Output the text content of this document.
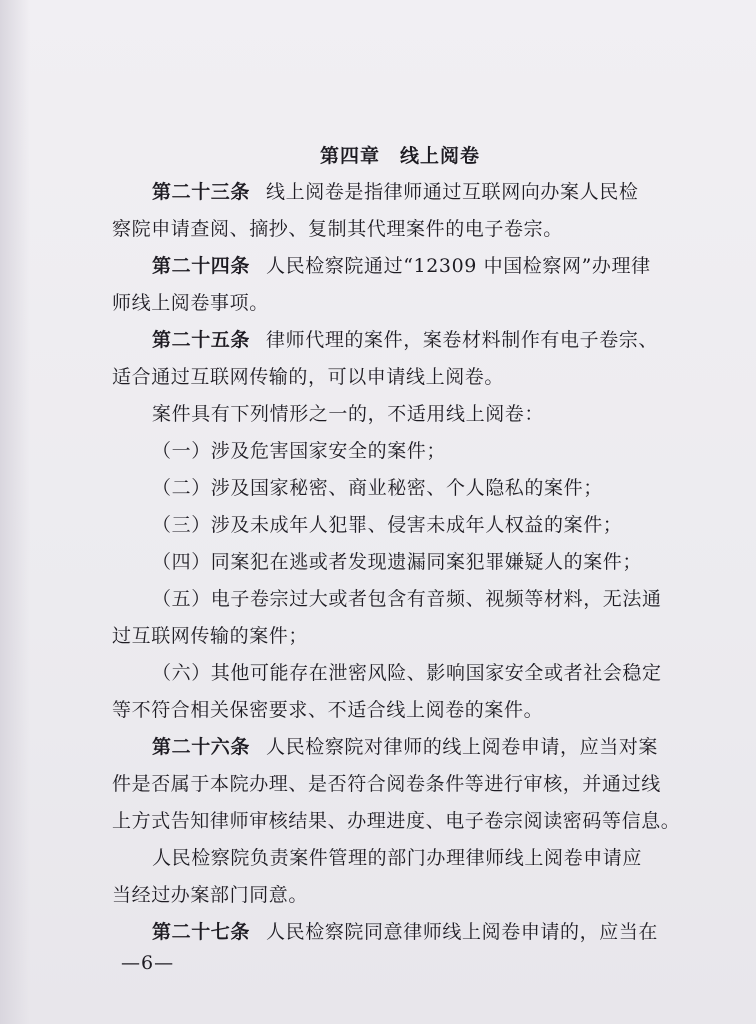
第四章　线上阅卷
第二十三条 线上阅卷是指律师通过互联网向办案人民检
察院申请查阅、摘抄、复制其代理案件的电子卷宗。
第二十四条 人民检察院通过“12309 中国检察网”办理律
师线上阅卷事项。
第二十五条 律师代理的案件，案卷材料制作有电子卷宗、
适合通过互联网传输的，可以申请线上阅卷。
案件具有下列情形之一的，不适用线上阅卷：
（一）涉及危害国家安全的案件；
（二）涉及国家秘密、商业秘密、个人隐私的案件；
（三）涉及未成年人犯罪、侵害未成年人权益的案件；
（四）同案犯在逃或者发现遗漏同案犯罪嫌疑人的案件；
（五）电子卷宗过大或者包含有音频、视频等材料，无法通
过互联网传输的案件；
（六）其他可能存在泄密风险、影响国家安全或者社会稳定
等不符合相关保密要求、不适合线上阅卷的案件。
第二十六条 人民检察院对律师的线上阅卷申请，应当对案
件是否属于本院办理、是否符合阅卷条件等进行审核，并通过线
上方式告知律师审核结果、办理进度、电子卷宗阅读密码等信息。
人民检察院负责案件管理的部门办理律师线上阅卷申请应
当经过办案部门同意。
第二十七条 人民检察院同意律师线上阅卷申请的，应当在
—6—
